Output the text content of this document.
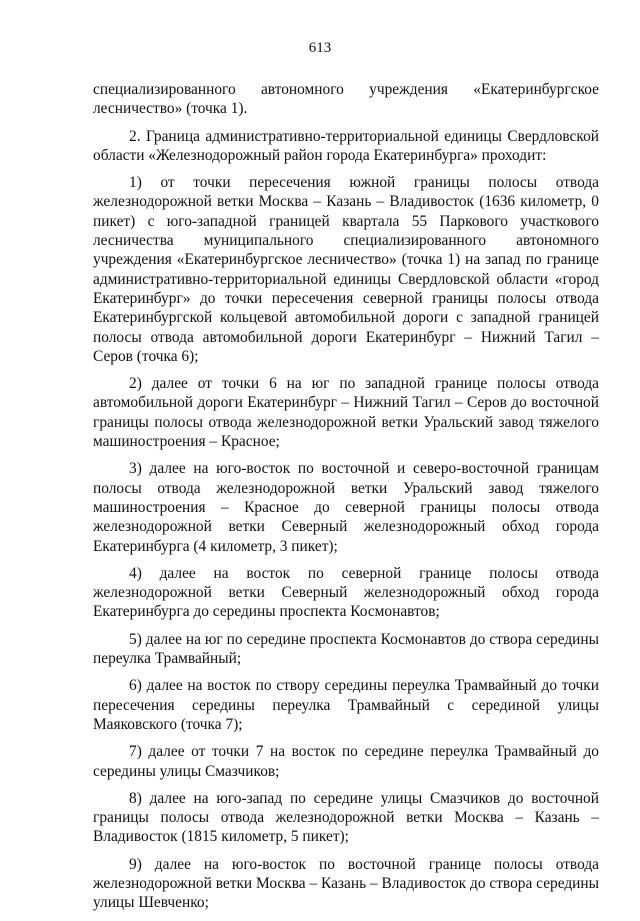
613

специализированного автономного учреждения «Екатеринбургское лесничество» (точка 1).

2. Граница административно-территориальной единицы Свердловской области «Железнодорожный район города Екатеринбурга» проходит:

1) от точки пересечения южной границы полосы отвода железнодорожной ветки Москва – Казань – Владивосток (1636 километр, 0 пикет) с юго-западной границей квартала 55 Паркового участкового лесничества муниципального специализированного автономного учреждения «Екатеринбургское лесничество» (точка 1) на запад по границе административно-территориальной единицы Свердловской области «город Екатеринбург» до точки пересечения северной границы полосы отвода Екатеринбургской кольцевой автомобильной дороги с западной границей полосы отвода автомобильной дороги Екатеринбург – Нижний Тагил – Серов (точка 6);

2) далее от точки 6 на юг по западной границе полосы отвода автомобильной дороги Екатеринбург – Нижний Тагил – Серов до восточной границы полосы отвода железнодорожной ветки Уральский завод тяжелого машиностроения – Красное;

3) далее на юго-восток по восточной и северо-восточной границам полосы отвода железнодорожной ветки Уральский завод тяжелого машиностроения – Красное до северной границы полосы отвода железнодорожной ветки Северный железнодорожный обход города Екатеринбурга (4 километр, 3 пикет);

4) далее на восток по северной границе полосы отвода железнодорожной ветки Северный железнодорожный обход города Екатеринбурга до середины проспекта Космонавтов;

5) далее на юг по середине проспекта Космонавтов до створа середины переулка Трамвайный;

6) далее на восток по створу середины переулка Трамвайный до точки пересечения середины переулка Трамвайный с серединой улицы Маяковского (точка 7);

7) далее от точки 7 на восток по середине переулка Трамвайный до середины улицы Смазчиков;

8) далее на юго-запад по середине улицы Смазчиков до восточной границы полосы отвода железнодорожной ветки Москва – Казань – Владивосток (1815 километр, 5 пикет);

9) далее на юго-восток по восточной границе полосы отвода железнодорожной ветки Москва – Казань – Владивосток до створа середины улицы Шевченко;
